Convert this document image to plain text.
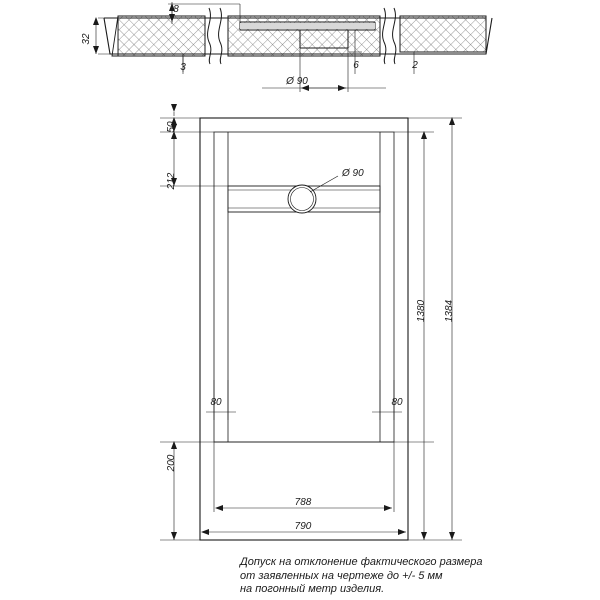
8
32
3
Ø 90
6	2
50
212
1380 1384
200
80	80
788
790
Ø 90
Допуск на отклонение фактического размера
от заявленных на чертеже до +/- 5 мм
на погонный метр изделия.
